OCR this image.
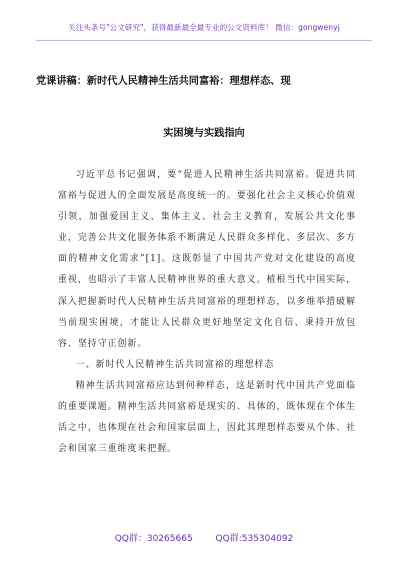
关注头条号"公文研究"，获得最新最全最专业的公文资料库！ 微信：gongwenyj
党课讲稿：新时代人民精神生活共同富裕：理想样态、现
实困境与实践指向

习近平总书记强调，要“促进人民精神生活共同富裕。促进共同富裕与促进人的全面发展是高度统一的。要强化社会主义核心价值观引领，加强爱国主义、集体主义、社会主义教育，发展公共文化事业，完善公共文化服务体系不断满足人民群众多样化、多层次、多方面的精神文化需求”[1]。这既彰显了中国共产党对文化建设的高度重视，也昭示了丰富人民精神世界的重大意义。植根当代中国实际，深入把握新时代人民精神生活共同富裕的理想样态，以多维举措破解当前现实困境，才能让人民群众更好地坚定文化自信、秉持开放包容、坚持守正创新。

一、新时代人民精神生活共同富裕的理想样态

精神生活共同富裕应达到何种样态，这是新时代中国共产党面临的重要课题。精神生活共同富裕是现实的、具体的，既体现在个体生活之中，也体现在社会和国家层面上，因此其理想样态要从个体、社会和国家三重维度来把握。

QQ群：30265665	QQ群:535304092
